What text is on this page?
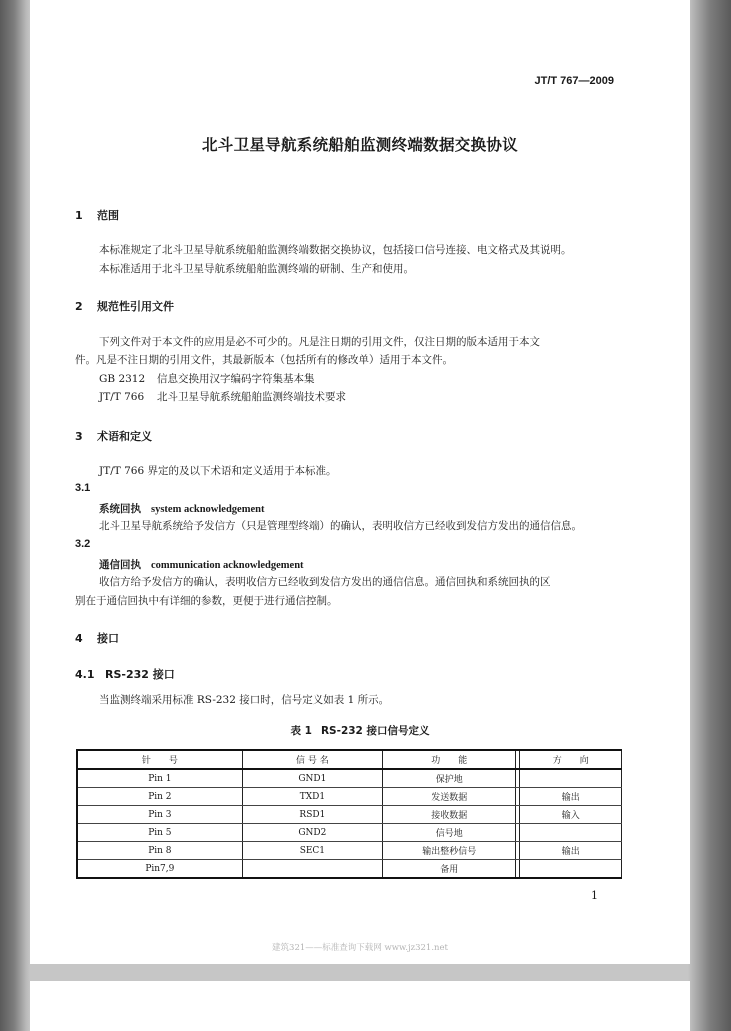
JT/T 767—2009
北斗卫星导航系统船舶监测终端数据交换协议
1 范围
本标准规定了北斗卫星导航系统船舶监测终端数据交换协议，包括接口信号连接、电文格式及其说明。
本标准适用于北斗卫星导航系统船舶监测终端的研制、生产和使用。
2 规范性引用文件
下列文件对于本文件的应用是必不可少的。凡是注日期的引用文件，仅注日期的版本适用于本文
件。凡是不注日期的引用文件，其最新版本（包括所有的修改单）适用于本文件。
GB 2312 信息交换用汉字编码字符集基本集
JT/T 766 北斗卫星导航系统船舶监测终端技术要求
3 术语和定义
JT/T 766 界定的及以下术语和定义适用于本标准。
3.1
系统回执 system acknowledgement
北斗卫星导航系统给予发信方（只是管理型终端）的确认，表明收信方已经收到发信方发出的通信信息。
3.2
通信回执 communication acknowledgement
收信方给予发信方的确认，表明收信方已经收到发信方发出的通信信息。通信回执和系统回执的区
别在于通信回执中有详细的参数，更便于进行通信控制。
4 接口
4.1 RS-232 接口
当监测终端采用标准 RS-232 接口时，信号定义如表 1 所示。
表 1 RS-232 接口信号定义
针　　号	信 号 名	功　　能		方　　向
Pin 1	GND1	保护地		
Pin 2	TXD1	发送数据		输出
Pin 3	RSD1	接收数据		输入
Pin 5	GND2	信号地		
Pin 8	SEC1	输出整秒信号		输出
Pin7,9		备用		
1
建筑321——标准查询下载网 www.jz321.net
